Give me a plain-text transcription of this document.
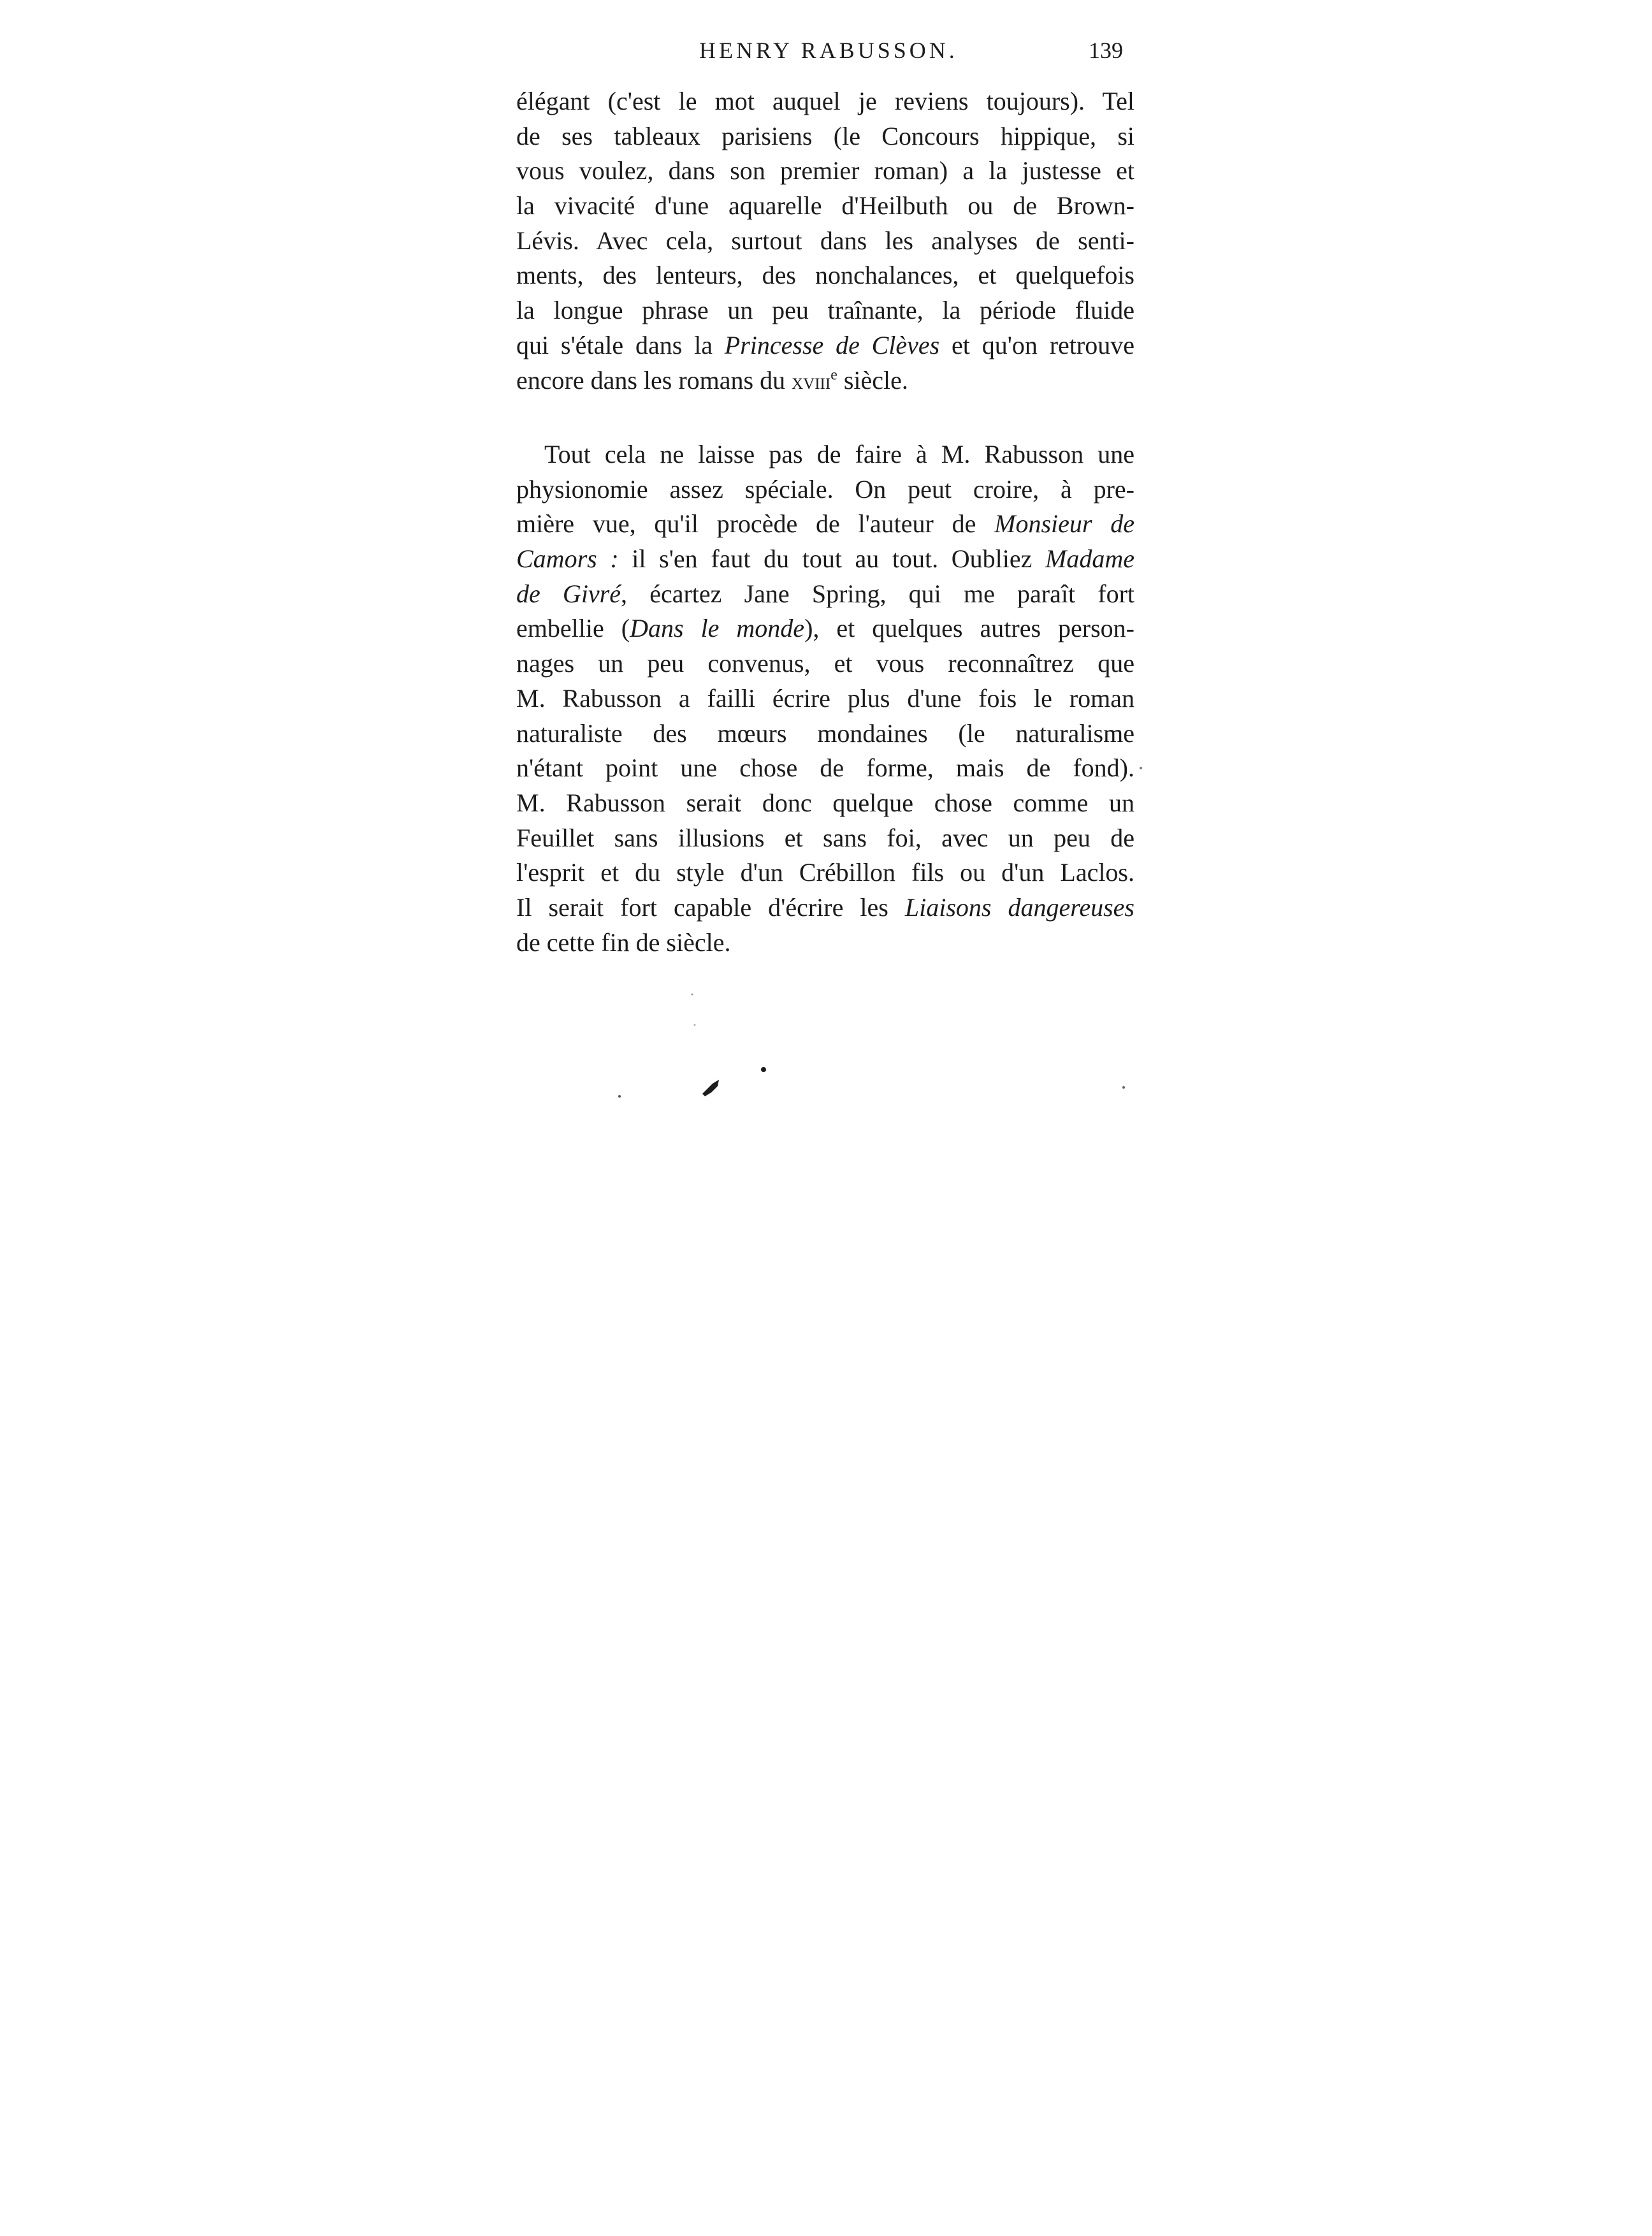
HENRY RABUSSON.	139
élégant (c'est le mot auquel je reviens toujours). Tel
de ses tableaux parisiens (le Concours hippique, si
vous voulez, dans son premier roman) a la justesse et
la vivacité d'une aquarelle d'Heilbuth ou de Brown-
Lévis. Avec cela, surtout dans les analyses de senti-
ments, des lenteurs, des nonchalances, et quelquefois
la longue phrase un peu traînante, la période fluide
qui s'étale dans la Princesse de Clèves et qu'on retrouve
encore dans les romans du xviii$^e$ siècle.
Tout cela ne laisse pas de faire à M. Rabusson une
physionomie assez spéciale. On peut croire, à pre-
mière vue, qu'il procède de l'auteur de Monsieur de
Camors : il s'en faut du tout au tout. Oubliez Madame
de Givré, écartez Jane Spring, qui me paraît fort
embellie (Dans le monde), et quelques autres person-
nages un peu convenus, et vous reconnaîtrez que
M. Rabusson a failli écrire plus d'une fois le roman
naturaliste des mœurs mondaines (le naturalisme
n'étant point une chose de forme, mais de fond).
M. Rabusson serait donc quelque chose comme un
Feuillet sans illusions et sans foi, avec un peu de
l'esprit et du style d'un Crébillon fils ou d'un Laclos.
Il serait fort capable d'écrire les Liaisons dangereuses
de cette fin de siècle.
